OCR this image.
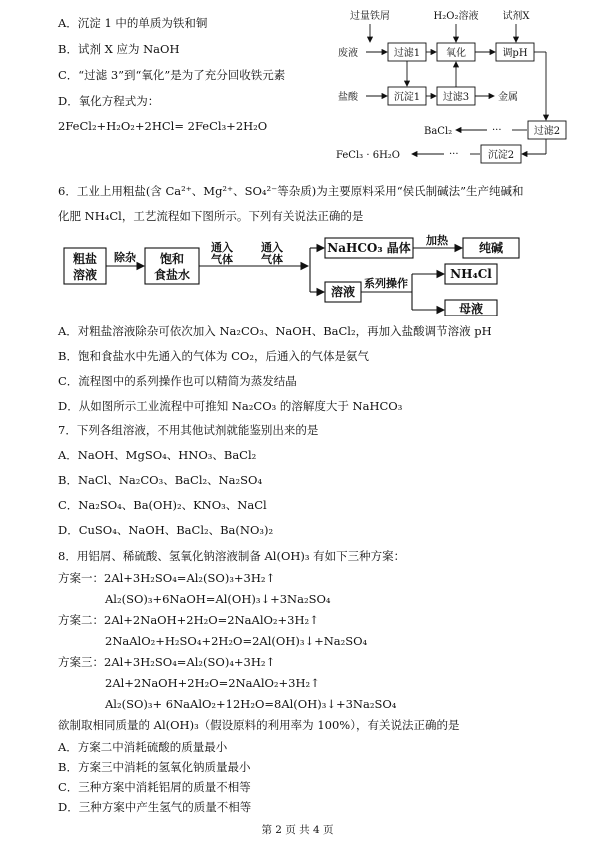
A．沉淀 1 中的单质为铁和铜
B．试剂 X 应为 NaOH
C．“过滤 3”到“氧化”是为了充分回收铁元素
D．氧化方程式为：
2FeCl₂+H₂O₂+2HCl= 2FeCl₃+2H₂O
过量铁屑	H₂O₂溶液 试剂X
废液	过滤1	氧化	调pH
盐酸	沉淀1 过滤3	金属
BaCl₂	···	过滤2
FeCl₃ · 6H₂O	···	沉淀2
6．工业上用粗盐(含 Ca²⁺、Mg²⁺、SO₄²⁻等杂质)为主要原料采用“侯氏制碱法”生产纯碱和
化肥 NH₄Cl，工艺流程如下图所示。下列有关说法正确的是
粗盐
溶液
饱和
食盐水
NaHCO₃ 晶体	纯碱
溶液
NH₄Cl
母液
除杂
通入
气体
通入
气体
加热
系列操作
A．对粗盐溶液除杂可依次加入 Na₂CO₃、NaOH、BaCl₂，再加入盐酸调节溶液 pH
B．饱和食盐水中先通入的气体为 CO₂，后通入的气体是氨气
C．流程图中的系列操作也可以精简为蒸发结晶
D．从如图所示工业流程中可推知 Na₂CO₃ 的溶解度大于 NaHCO₃
7．下列各组溶液，不用其他试剂就能鉴别出来的是
A．NaOH、MgSO₄、HNO₃、BaCl₂
B．NaCl、Na₂CO₃、BaCl₂、Na₂SO₄
C．Na₂SO₄、Ba(OH)₂、KNO₃、NaCl
D．CuSO₄、NaOH、BaCl₂、Ba(NO₃)₂
8．用铝屑、稀硫酸、氢氧化钠溶液制备 Al(OH)₃ 有如下三种方案：
方案一：2Al+3H₂SO₄=Al₂(SO)₃+3H₂↑
Al₂(SO)₃+6NaOH=Al(OH)₃↓+3Na₂SO₄
方案二：2Al+2NaOH+2H₂O=2NaAlO₂+3H₂↑
2NaAlO₂+H₂SO₄+2H₂O=2Al(OH)₃↓+Na₂SO₄
方案三：2Al+3H₂SO₄=Al₂(SO)₄+3H₂↑
2Al+2NaOH+2H₂O=2NaAlO₂+3H₂↑
Al₂(SO)₃+ 6NaAlO₂+12H₂O=8Al(OH)₃↓+3Na₂SO₄
欲制取相同质量的 Al(OH)₃（假设原料的利用率为 100%），有关说法正确的是
A．方案二中消耗硫酸的质量最小
B．方案三中消耗的氢氧化钠质量最小
C．三种方案中消耗铝屑的质量不相等
D．三种方案中产生氢气的质量不相等
第 2 页 共 4 页
